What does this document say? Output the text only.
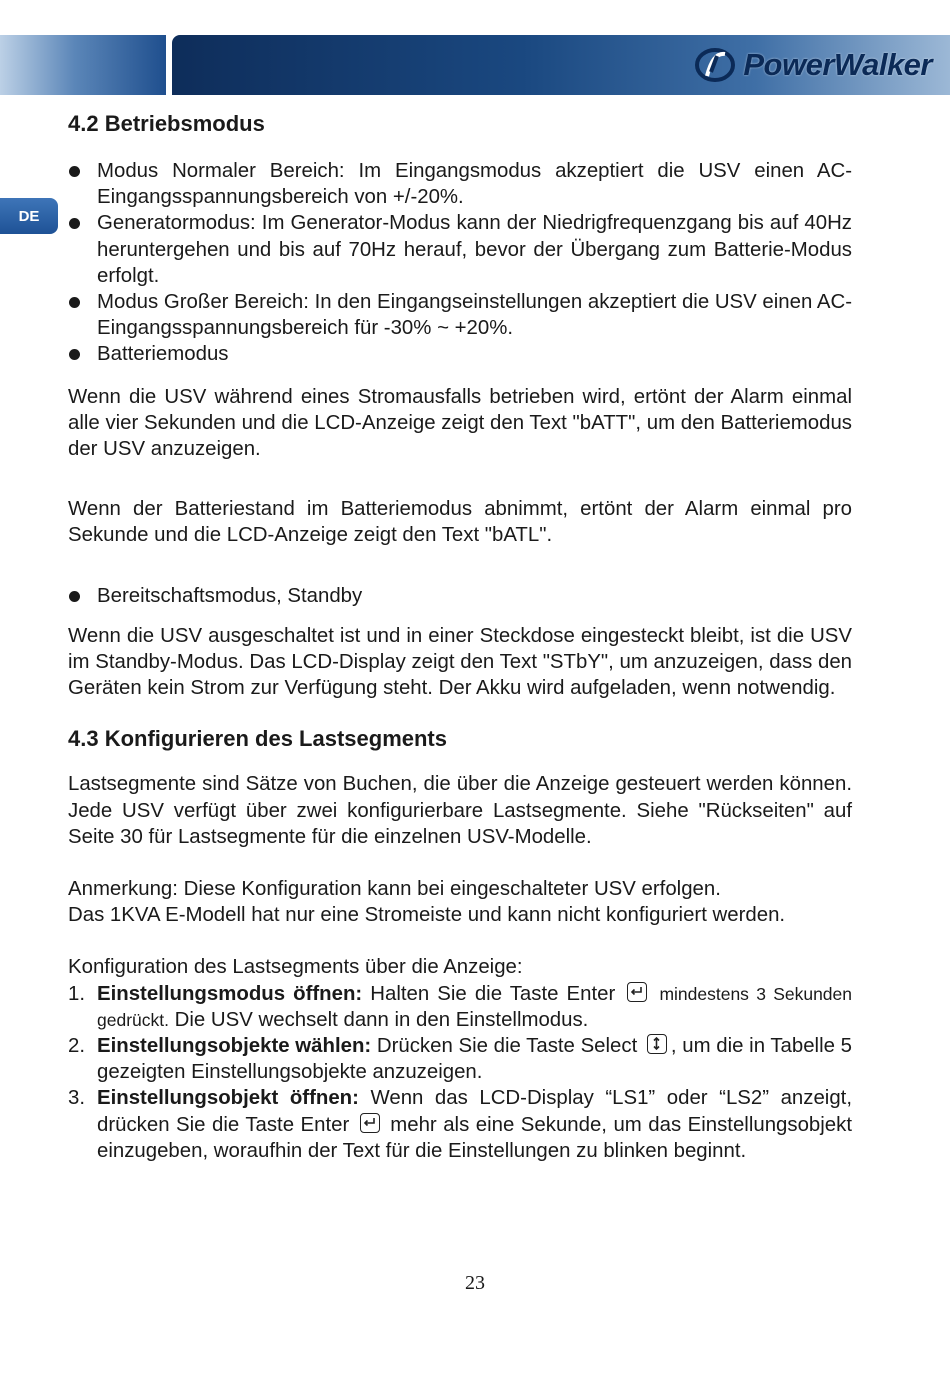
PowerWalker
DE
4.2 Betriebsmodus
Modus Normaler Bereich: Im Eingangsmodus akzeptiert die USV einen AC-Eingangsspannungsbereich von +/-20%.
Generatormodus: Im Generator-Modus kann der Niedrigfrequenzgang bis auf 40Hz heruntergehen und bis auf 70Hz herauf, bevor der Übergang zum Batterie-Modus erfolgt.
Modus Großer Bereich: In den Eingangseinstellungen akzeptiert die USV einen AC-Eingangsspannungsbereich für -30% ~ +20%.
Batteriemodus

Wenn die USV während eines Stromausfalls betrieben wird, ertönt der Alarm einmal alle vier Sekunden und die LCD-Anzeige zeigt den Text "bATT", um den Batteriemodus der USV anzuzeigen.

Wenn der Batteriestand im Batteriemodus abnimmt, ertönt der Alarm einmal pro Sekunde und die LCD-Anzeige zeigt den Text "bATL".

Bereitschaftsmodus, Standby

Wenn die USV ausgeschaltet ist und in einer Steckdose eingesteckt bleibt, ist die USV im Standby-Modus. Das LCD-Display zeigt den Text "STbY", um anzuzeigen, dass den Geräten kein Strom zur Verfügung steht. Der Akku wird aufgeladen, wenn notwendig.

4.3 Konfigurieren des Lastsegments

Lastsegmente sind Sätze von Buchen, die über die Anzeige gesteuert werden können. Jede USV verfügt über zwei konfigurierbare Lastsegmente. Siehe "Rückseiten" auf Seite 30 für Lastsegmente für die einzelnen USV-Modelle.

Anmerkung: Diese Konfiguration kann bei eingeschalteter USV erfolgen.

Das 1KVA E-Modell hat nur eine Stromeiste und kann nicht konfiguriert werden.

Konfiguration des Lastsegments über die Anzeige:

1. Einstellungsmodus öffnen: Halten Sie die Taste Enter
mindestens 3 Sekunden gedrückt. Die USV wechselt dann in den Einstellmodus.
2. Einstellungsobjekte wählen: Drücken Sie die Taste Select
, um die in Tabelle 5 gezeigten Einstellungsobjekte anzuzeigen.
3. Einstellungsobjekt öffnen: Wenn das LCD-Display “LS1” oder “LS2” anzeigt, drücken Sie die Taste Enter
mehr als eine Sekunde, um das Einstellungsobjekt einzugeben, woraufhin der Text für die Einstellungen zu blinken beginnt.
23
